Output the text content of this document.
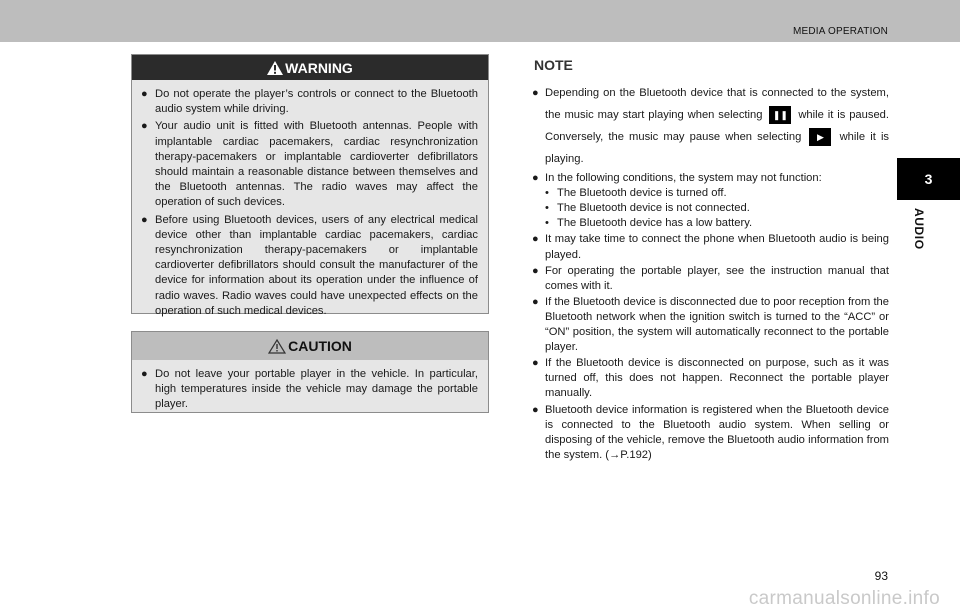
MEDIA OPERATION
3
AUDIO
WARNING
● Do not operate the player’s controls or connect to the Bluetooth audio system while driving.
● Your audio unit is fitted with Bluetooth antennas. People with implantable cardiac pacemakers, cardiac resynchronization therapy-pacemakers or implantable cardioverter defibrillators should maintain a reasonable distance between themselves and the Bluetooth antennas. The radio waves may affect the operation of such devices.
● Before using Bluetooth devices, users of any electrical medical device other than implantable cardiac pacemakers, cardiac resynchronization therapy-pacemakers or implantable cardioverter defibrillators should consult the manufacturer of the device for information about its operation under the influence of radio waves. Radio waves could have unexpected effects on the operation of such medical devices.
CAUTION
● Do not leave your portable player in the vehicle. In particular, high temperatures inside the vehicle may damage the portable player.
NOTE
● Depending on the Bluetooth device that is connected to the system, the music may start playing when selecting ❚❚ while it is paused. Conversely, the music may pause when selecting ▶ while it is playing.
● In the following conditions, the system may not function:
• The Bluetooth device is turned off.
• The Bluetooth device is not connected.
• The Bluetooth device has a low battery.
● It may take time to connect the phone when Bluetooth audio is being played.
● For operating the portable player, see the instruction manual that comes with it.
● If the Bluetooth device is disconnected due to poor reception from the Bluetooth network when the ignition switch is turned to the “ACC” or “ON” position, the system will automatically reconnect to the portable player.
● If the Bluetooth device is disconnected on purpose, such as it was turned off, this does not happen. Reconnect the portable player manually.
● Bluetooth device information is registered when the Bluetooth device is connected to the Bluetooth audio system. When selling or disposing of the vehicle, remove the Bluetooth audio information from the system. (→P.192)
93
carmanualsonline.info
